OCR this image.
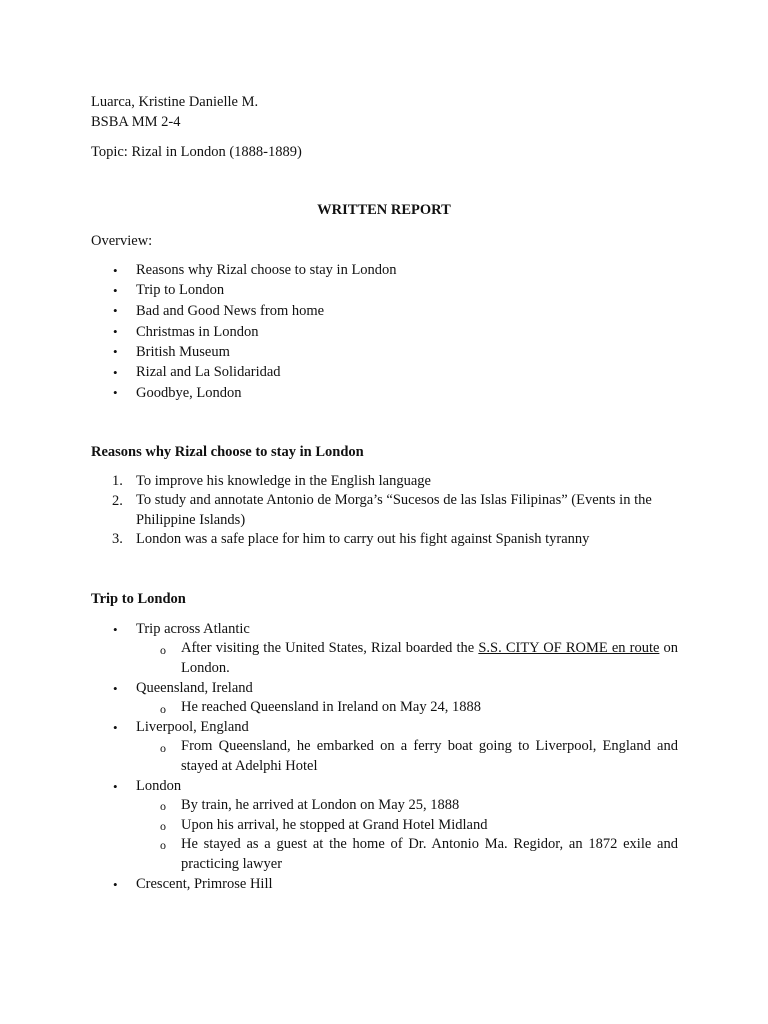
Luarca, Kristine Danielle M.
BSBA MM 2-4
Topic: Rizal in London (1888-1889)
WRITTEN REPORT
Overview:
•	Reasons why Rizal choose to stay in London
•	Trip to London
•	Bad and Good News from home
•	Christmas in London
•	British Museum
•	Rizal and La Solidaridad
•	Goodbye, London
Reasons why Rizal choose to stay in London
1. To improve his knowledge in the English language
2. To study and annotate Antonio de Morga’s “Sucesos de las Islas Filipinas” (Events in the Philippine Islands)
3. London was a safe place for him to carry out his fight against Spanish tyranny
Trip to London
•	Trip across Atlantic
o After visiting the United States, Rizal boarded the S.S. CITY OF ROME en route on London.
•	Queensland, Ireland
o He reached Queensland in Ireland on May 24, 1888
•	Liverpool, England
o From Queensland, he embarked on a ferry boat going to Liverpool, England and stayed at Adelphi Hotel
•	London
o By train, he arrived at London on May 25, 1888
o Upon his arrival, he stopped at Grand Hotel Midland
o He stayed as a guest at the home of Dr. Antonio Ma. Regidor, an 1872 exile and practicing lawyer
•	Crescent, Primrose Hill
